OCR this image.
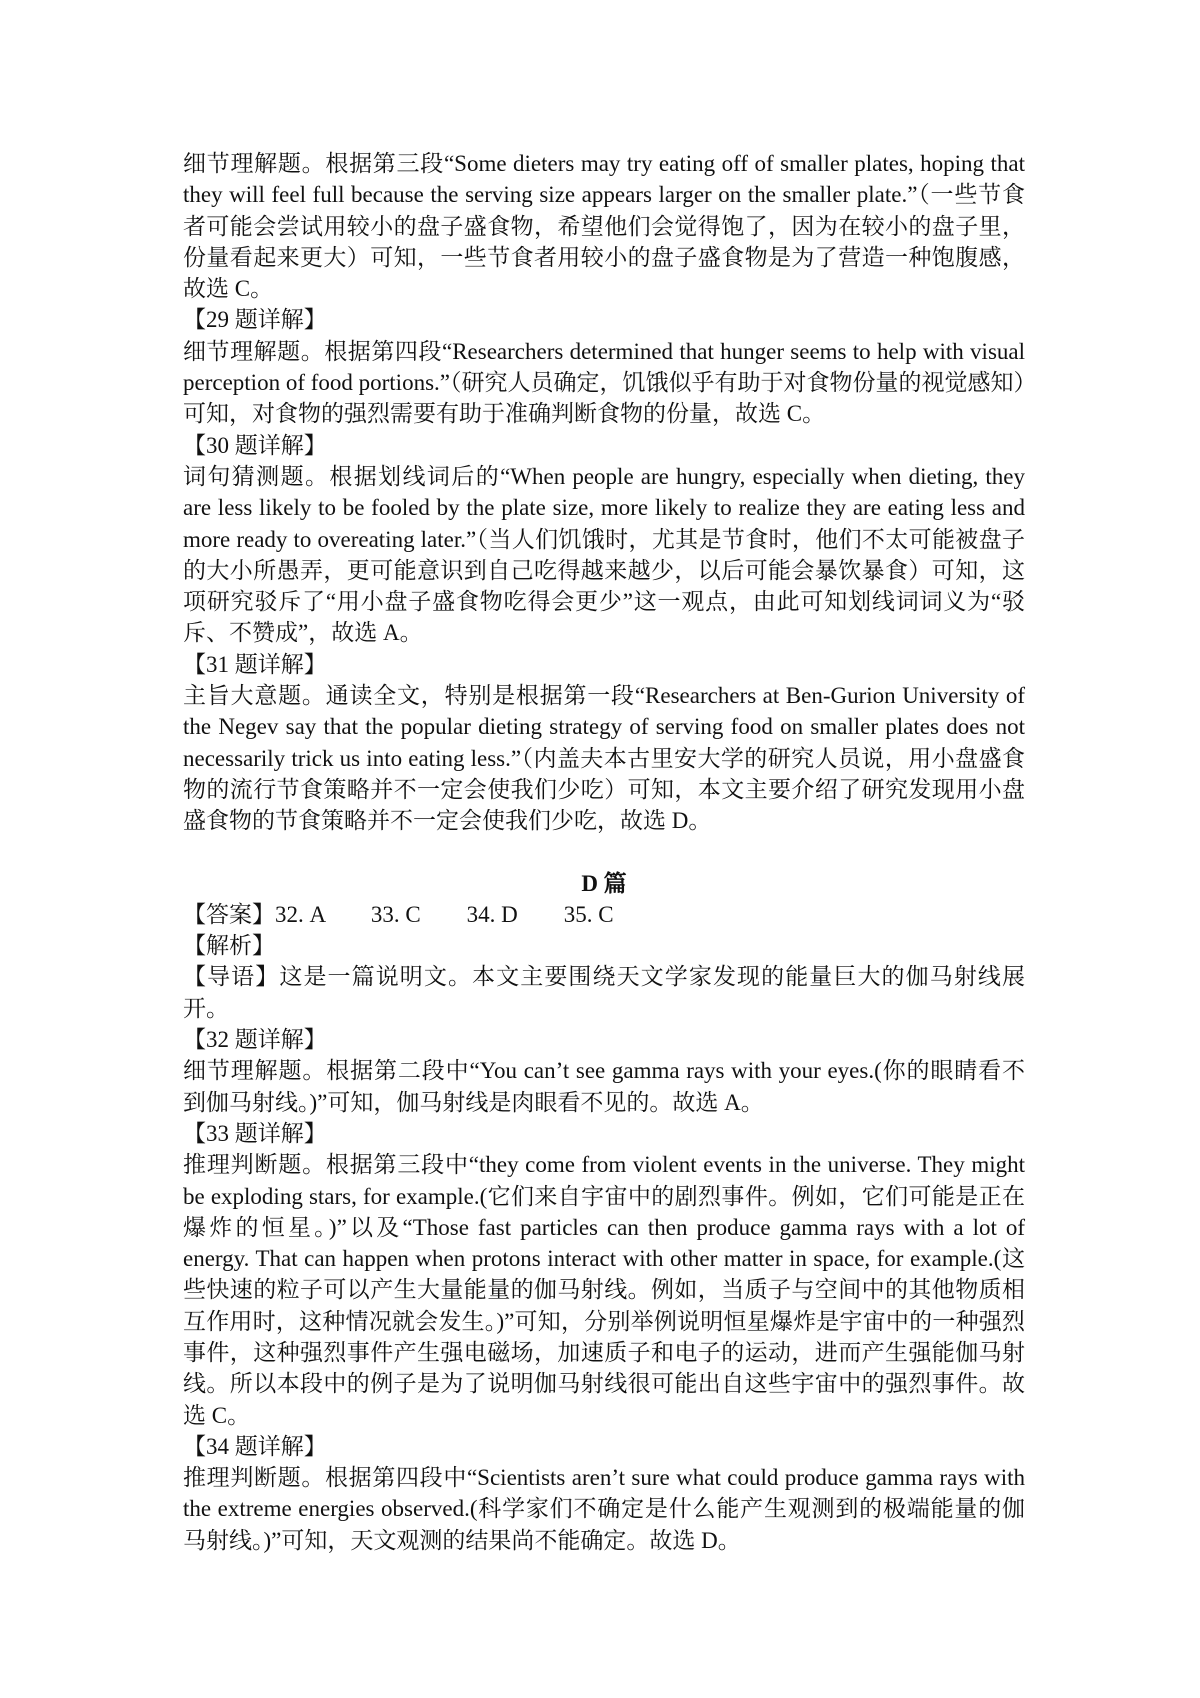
细节理解题。根据第三段“Some dieters may try eating off of smaller plates, hoping that they will feel full because the serving size appears larger on the smaller plate.”（一些节食者可能会尝试用较小的盘子盛食物，希望他们会觉得饱了，因为在较小的盘子里，份量看起来更大）可知，一些节食者用较小的盘子盛食物是为了营造一种饱腹感，故选 C。

【29 题详解】

细节理解题。根据第四段“Researchers determined that hunger seems to help with visual perception of food portions.”（研究人员确定，饥饿似乎有助于对食物份量的视觉感知）可知，对食物的强烈需要有助于准确判断食物的份量，故选 C。

【30 题详解】

词句猜测题。根据划线词后的“When people are hungry, especially when dieting, they are less likely to be fooled by the plate size, more likely to realize they are eating less and more ready to overeating later.”（当人们饥饿时，尤其是节食时，他们不太可能被盘子的大小所愚弄，更可能意识到自己吃得越来越少，以后可能会暴饮暴食）可知，这项研究驳斥了“用小盘子盛食物吃得会更少”这一观点，由此可知划线词词义为“驳斥、不赞成”，故选 A。

【31 题详解】

主旨大意题。通读全文，特别是根据第一段“Researchers at Ben-Gurion University of the Negev say that the popular dieting strategy of serving food on smaller plates does not necessarily trick us into eating less.”（内盖夫本古里安大学的研究人员说，用小盘盛食物的流行节食策略并不一定会使我们少吃）可知，本文主要介绍了研究发现用小盘盛食物的节食策略并不一定会使我们少吃，故选 D。

D 篇

【答案】32. A        33. C        34. D        35. C

【解析】

【导语】这是一篇说明文。本文主要围绕天文学家发现的能量巨大的伽马射线展开。

【32 题详解】

细节理解题。根据第二段中“You can’t see gamma rays with your eyes.(你的眼睛看不到伽马射线。)”可知，伽马射线是肉眼看不见的。故选 A。

【33 题详解】

推理判断题。根据第三段中“they come from violent events in the universe. They might be exploding stars, for example.(它们来自宇宙中的剧烈事件。例如，它们可能是正在爆炸的恒星。)”以及“Those fast particles can then produce gamma rays with a lot of energy. That can happen when protons interact with other matter in space, for example.(这些快速的粒子可以产生大量能量的伽马射线。例如，当质子与空间中的其他物质相互作用时，这种情况就会发生。)”可知，分别举例说明恒星爆炸是宇宙中的一种强烈事件，这种强烈事件产生强电磁场，加速质子和电子的运动，进而产生强能伽马射线。所以本段中的例子是为了说明伽马射线很可能出自这些宇宙中的强烈事件。故选 C。

【34 题详解】

推理判断题。根据第四段中“Scientists aren’t sure what could produce gamma rays with the extreme energies observed.(科学家们不确定是什么能产生观测到的极端能量的伽马射线。)”可知，天文观测的结果尚不能确定。故选 D。
